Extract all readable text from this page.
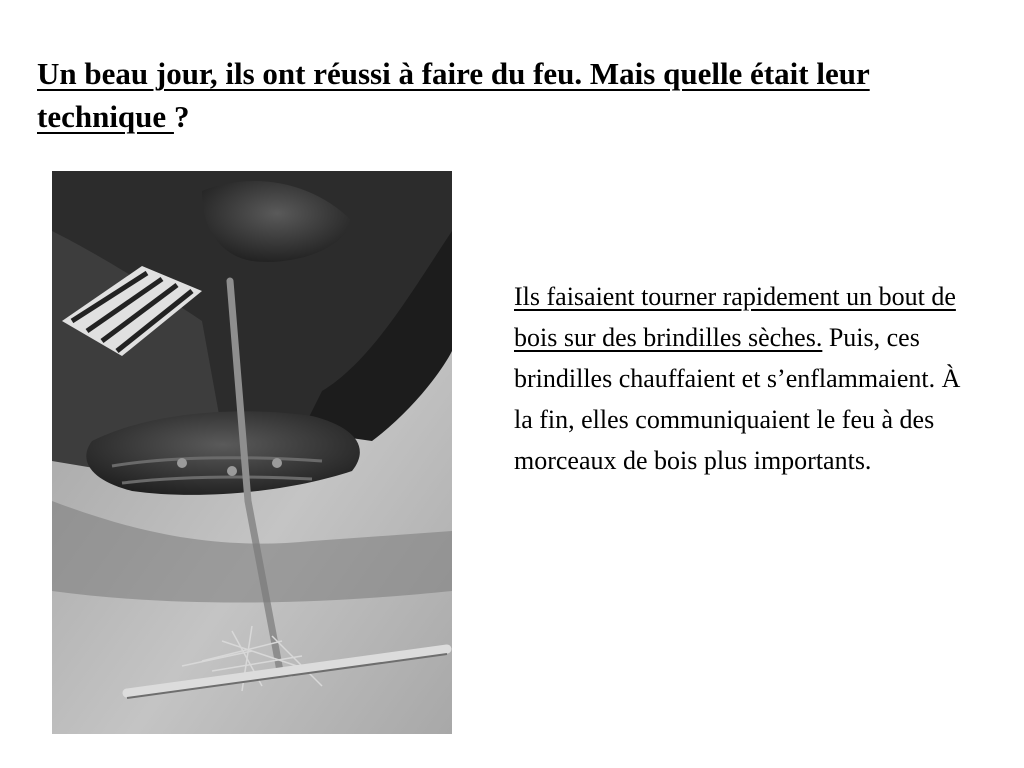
Un beau jour, ils ont réussi à faire du feu. Mais quelle était leur technique ?

Ils faisaient tourner rapidement un bout de bois sur des brindilles sèches. Puis, ces brindilles chauffaient et s’enflammaient. À la fin, elles communiquaient le feu à des morceaux de bois plus importants.
